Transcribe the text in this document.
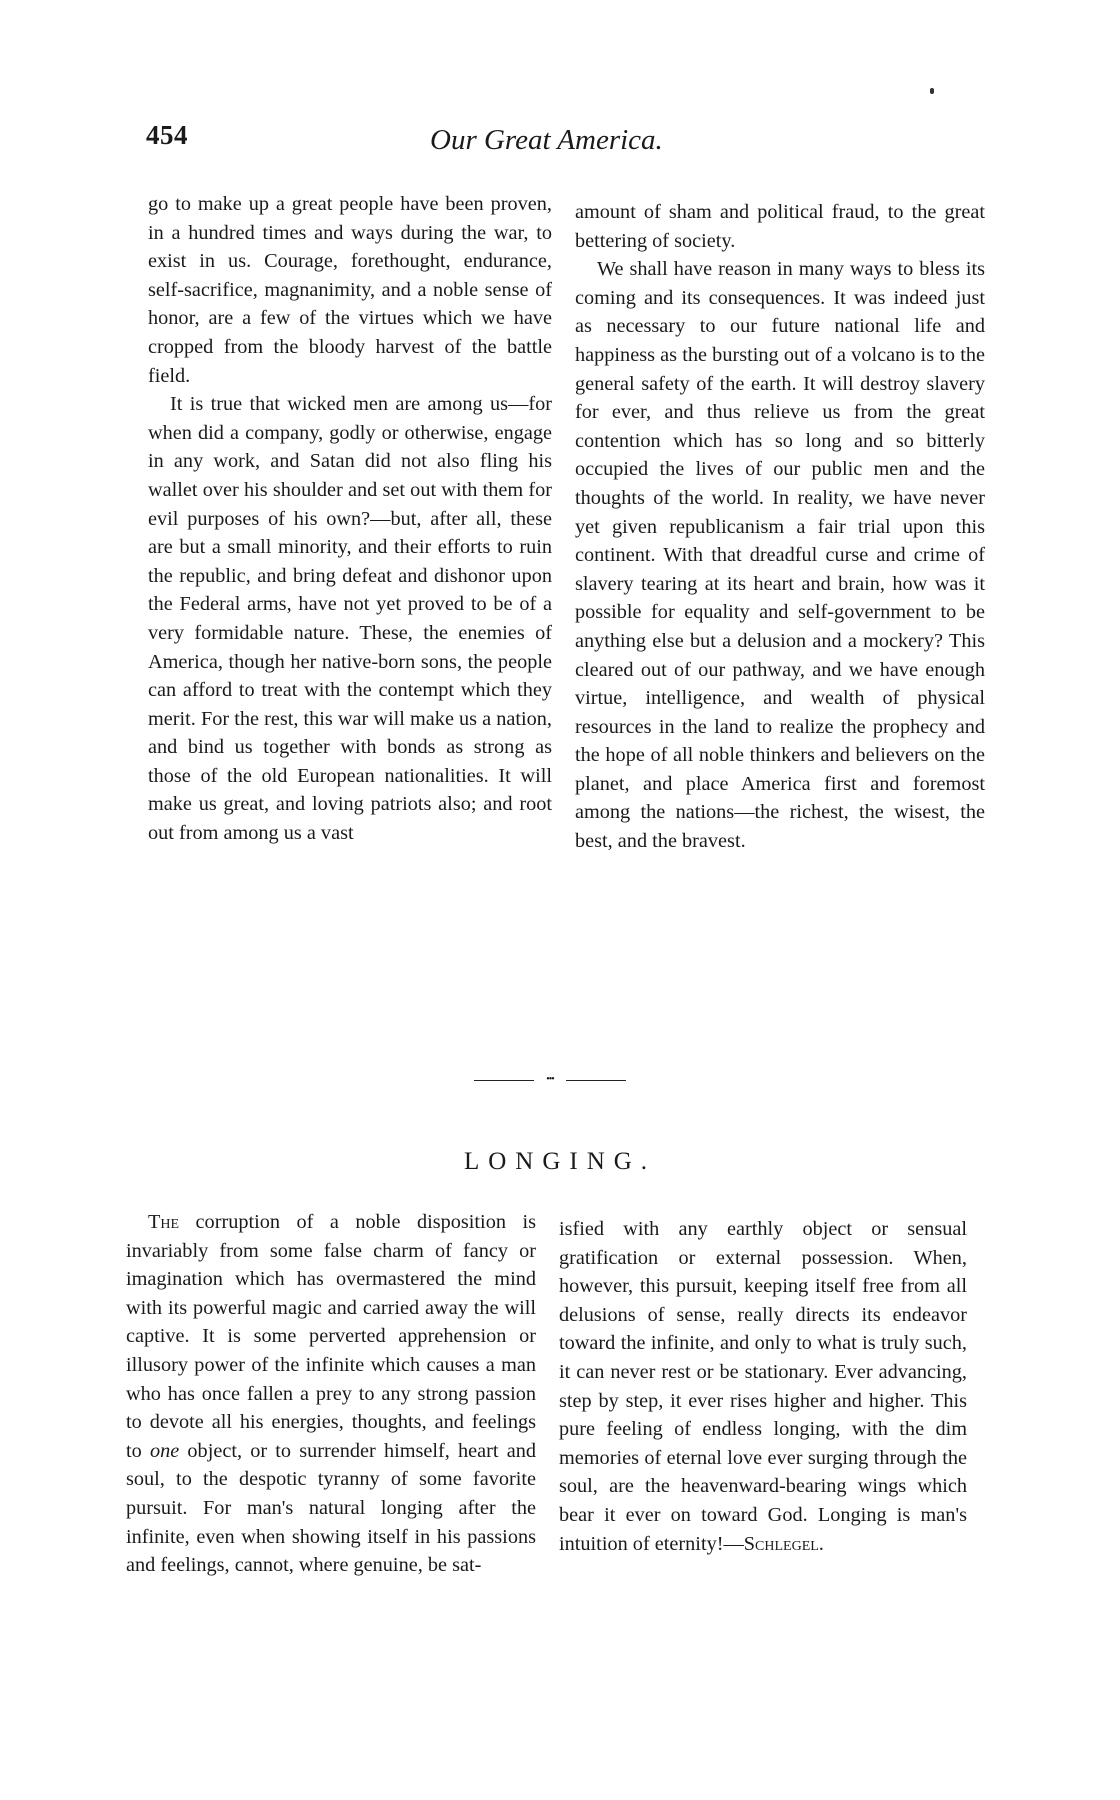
454	Our Great America.

go to make up a great people have been proven, in a hundred times and ways during the war, to exist in us. Courage, forethought, endurance, self-sacrifice, magnanimity, and a noble sense of honor, are a few of the virtues which we have cropped from the bloody harvest of the battle field.

It is true that wicked men are among us—for when did a company, godly or otherwise, engage in any work, and Satan did not also fling his wallet over his shoulder and set out with them for evil purposes of his own?—but, after all, these are but a small minority, and their efforts to ruin the republic, and bring defeat and dishonor upon the Federal arms, have not yet proved to be of a very formidable nature. These, the enemies of America, though her native-born sons, the people can afford to treat with the contempt which they merit. For the rest, this war will make us a nation, and bind us together with bonds as strong as those of the old European nationalities. It will make us great, and loving patriots also; and root out from among us a vast

amount of sham and political fraud, to the great bettering of society.

We shall have reason in many ways to bless its coming and its consequences. It was indeed just as necessary to our future national life and happiness as the bursting out of a volcano is to the general safety of the earth. It will destroy slavery for ever, and thus relieve us from the great contention which has so long and so bitterly occupied the lives of our public men and the thoughts of the world. In reality, we have never yet given republicanism a fair trial upon this continent. With that dreadful curse and crime of slavery tearing at its heart and brain, how was it possible for equality and self-government to be anything else but a delusion and a mockery? This cleared out of our pathway, and we have enough virtue, intelligence, and wealth of physical resources in the land to realize the prophecy and the hope of all noble thinkers and believers on the planet, and place America first and foremost among the nations—the richest, the wisest, the best, and the bravest.

•••
LONGING.

The corruption of a noble disposition is invariably from some false charm of fancy or imagination which has overmastered the mind with its powerful magic and carried away the will captive. It is some perverted apprehension or illusory power of the infinite which causes a man who has once fallen a prey to any strong passion to devote all his energies, thoughts, and feelings to one object, or to surrender himself, heart and soul, to the despotic tyranny of some favorite pursuit. For man's natural longing after the infinite, even when showing itself in his passions and feelings, cannot, where genuine, be sat-

isfied with any earthly object or sensual gratification or external possession. When, however, this pursuit, keeping itself free from all delusions of sense, really directs its endeavor toward the infinite, and only to what is truly such, it can never rest or be stationary. Ever advancing, step by step, it ever rises higher and higher. This pure feeling of endless longing, with the dim memories of eternal love ever surging through the soul, are the heavenward-bearing wings which bear it ever on toward God. Longing is man's intuition of eternity!—Schlegel.
